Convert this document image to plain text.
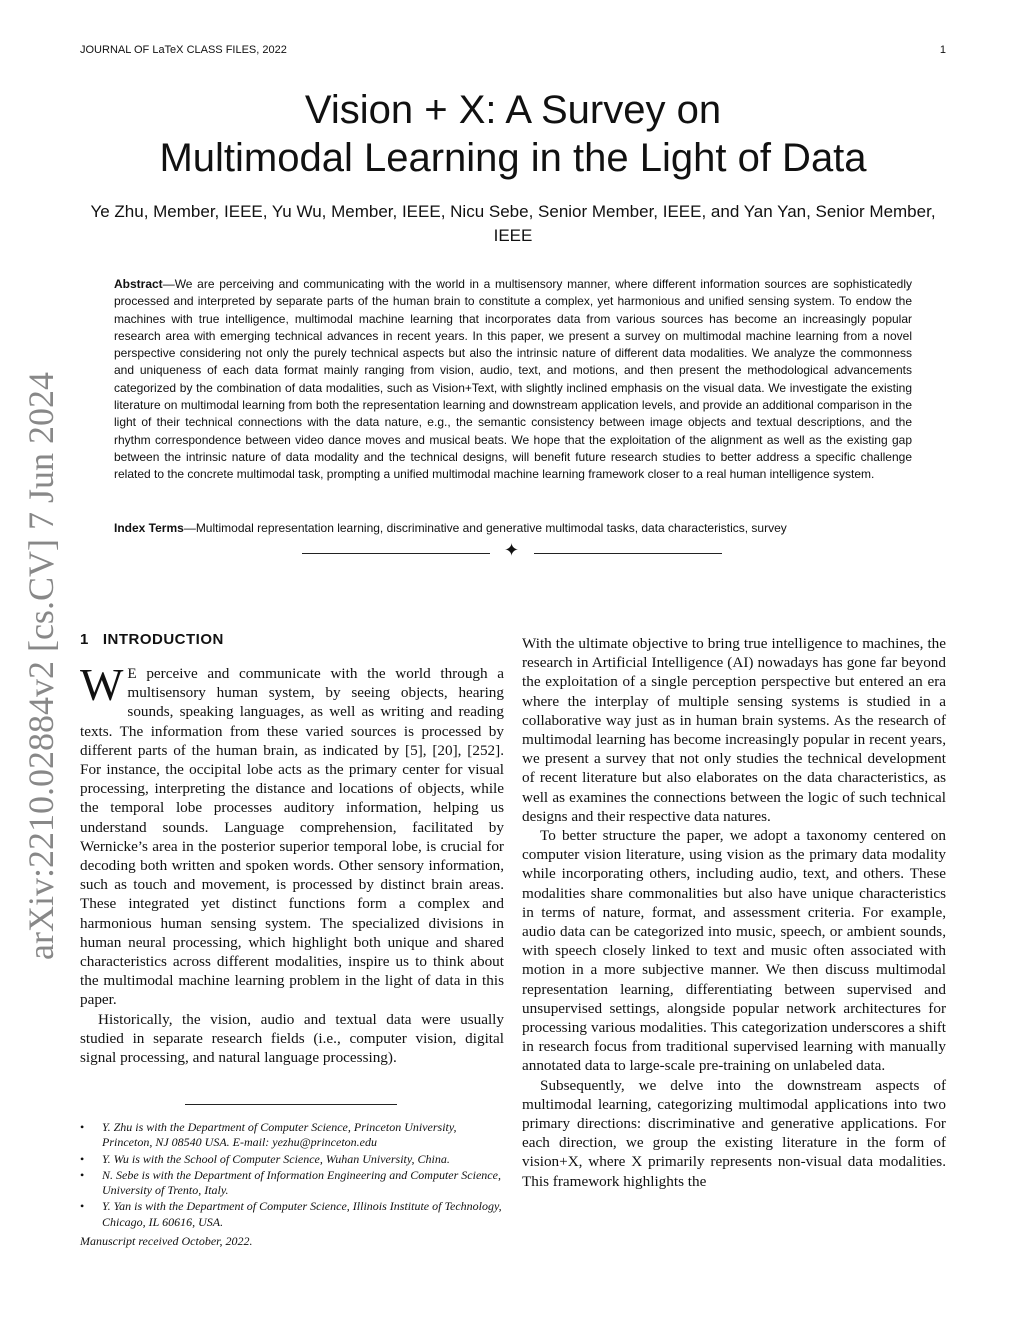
JOURNAL OF LaTeX CLASS FILES, 2022	1
arXiv:2210.02884v2 [cs.CV] 7 Jun 2024
Vision + X: A Survey on
Multimodal Learning in the Light of Data
Ye Zhu, Member, IEEE, Yu Wu, Member, IEEE, Nicu Sebe, Senior Member, IEEE, and Yan Yan, Senior Member, IEEE
Abstract—We are perceiving and communicating with the world in a multisensory manner, where different information sources are sophisticatedly processed and interpreted by separate parts of the human brain to constitute a complex, yet harmonious and unified sensing system. To endow the machines with true intelligence, multimodal machine learning that incorporates data from various sources has become an increasingly popular research area with emerging technical advances in recent years. In this paper, we present a survey on multimodal machine learning from a novel perspective considering not only the purely technical aspects but also the intrinsic nature of different data modalities. We analyze the commonness and uniqueness of each data format mainly ranging from vision, audio, text, and motions, and then present the methodological advancements categorized by the combination of data modalities, such as Vision+Text, with slightly inclined emphasis on the visual data. We investigate the existing literature on multimodal learning from both the representation learning and downstream application levels, and provide an additional comparison in the light of their technical connections with the data nature, e.g., the semantic consistency between image objects and textual descriptions, and the rhythm correspondence between video dance moves and musical beats. We hope that the exploitation of the alignment as well as the existing gap between the intrinsic nature of data modality and the technical designs, will benefit future research studies to better address a specific challenge related to the concrete multimodal task, prompting a unified multimodal machine learning framework closer to a real human intelligence system.
Index Terms—Multimodal representation learning, discriminative and generative multimodal tasks, data characteristics, survey
✦
1 INTRODUCTION

W E perceive and communicate with the world through a multisensory human system, by seeing objects, hearing sounds, speaking languages, as well as writing and reading texts. The information from these varied sources is processed by different parts of the human brain, as indicated by [5], [20], [252]. For instance, the occipital lobe acts as the primary center for visual processing, interpreting the distance and locations of objects, while the temporal lobe processes auditory information, helping us understand sounds. Language comprehension, facilitated by Wernicke’s area in the posterior superior temporal lobe, is crucial for decoding both written and spoken words. Other sensory information, such as touch and movement, is processed by distinct brain areas. These integrated yet distinct functions form a complex and harmonious human sensing system. The specialized divisions in human neural processing, which highlight both unique and shared characteristics across different modalities, inspire us to think about the multimodal machine learning problem in the light of data in this paper.

Historically, the vision, audio and textual data were usually studied in separate research fields (i.e., computer vision, digital signal processing, and natural language processing).

With the ultimate objective to bring true intelligence to machines, the research in Artificial Intelligence (AI) nowadays has gone far beyond the exploitation of a single perception perspective but entered an era where the interplay of multiple sensing systems is studied in a collaborative way just as in human brain systems. As the research of multimodal learning has become increasingly popular in recent years, we present a survey that not only studies the technical development of recent literature but also elaborates on the data characteristics, as well as examines the connections between the logic of such technical designs and their respective data natures.

To better structure the paper, we adopt a taxonomy centered on computer vision literature, using vision as the primary data modality while incorporating others, including audio, text, and others. These modalities share commonalities but also have unique characteristics in terms of nature, format, and assessment criteria. For example, audio data can be categorized into music, speech, or ambient sounds, with speech closely linked to text and music often associated with motion in a more subjective manner. We then discuss multimodal representation learning, differentiating between supervised and unsupervised settings, alongside popular network architectures for processing various modalities. This categorization underscores a shift in research focus from traditional supervised learning with manually annotated data to large-scale pre-training on unlabeled data.

Subsequently, we delve into the downstream aspects of multimodal learning, categorizing multimodal applications into two primary directions: discriminative and generative applications. For each direction, we group the existing literature in the form of vision+X, where X primarily represents non-visual data modalities. This framework highlights the

• Y. Zhu is with the Department of Computer Science, Princeton University, Princeton, NJ 08540 USA. E-mail: yezhu@princeton.edu
• Y. Wu is with the School of Computer Science, Wuhan University, China.
• N. Sebe is with the Department of Information Engineering and Computer Science, University of Trento, Italy.
• Y. Yan is with the Department of Computer Science, Illinois Institute of Technology, Chicago, IL 60616, USA.
Manuscript received October, 2022.
